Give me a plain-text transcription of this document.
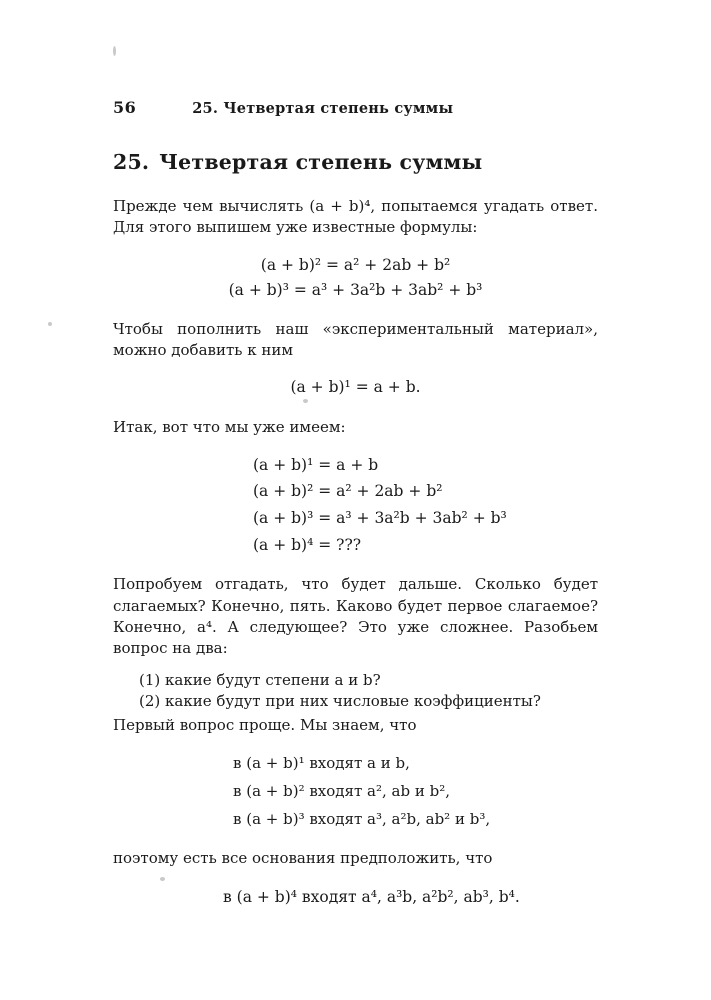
56	25. Четвертая степень суммы
25. Четвертая степень суммы

Прежде чем вычислять (a + b)⁴, попытаемся угадать ответ. Для этого выпишем уже известные формулы:

(a + b)² = a² + 2ab + b²
(a + b)³ = a³ + 3a²b + 3ab² + b³

Чтобы пополнить наш «экспериментальный материал», можно добавить к ним

(a + b)¹ = a + b.

Итак, вот что мы уже имеем:

(a + b)¹ = a + b
(a + b)² = a² + 2ab + b²
(a + b)³ = a³ + 3a²b + 3ab² + b³
(a + b)⁴ = ???

Попробуем отгадать, что будет дальше. Сколько будет слагаемых? Конечно, пять. Каково будет первое слагаемое? Конечно, a⁴. А следующее? Это уже сложнее. Разобьем вопрос на два:

(1) какие будут степени a и b?
(2) какие будут при них числовые коэффициенты?

Первый вопрос проще. Мы знаем, что

в (a + b)¹ входят a и b,
в (a + b)² входят a², ab и b²,
в (a + b)³ входят a³, a²b, ab² и b³,

поэтому есть все основания предположить, что

в (a + b)⁴ входят a⁴, a³b, a²b², ab³, b⁴.
